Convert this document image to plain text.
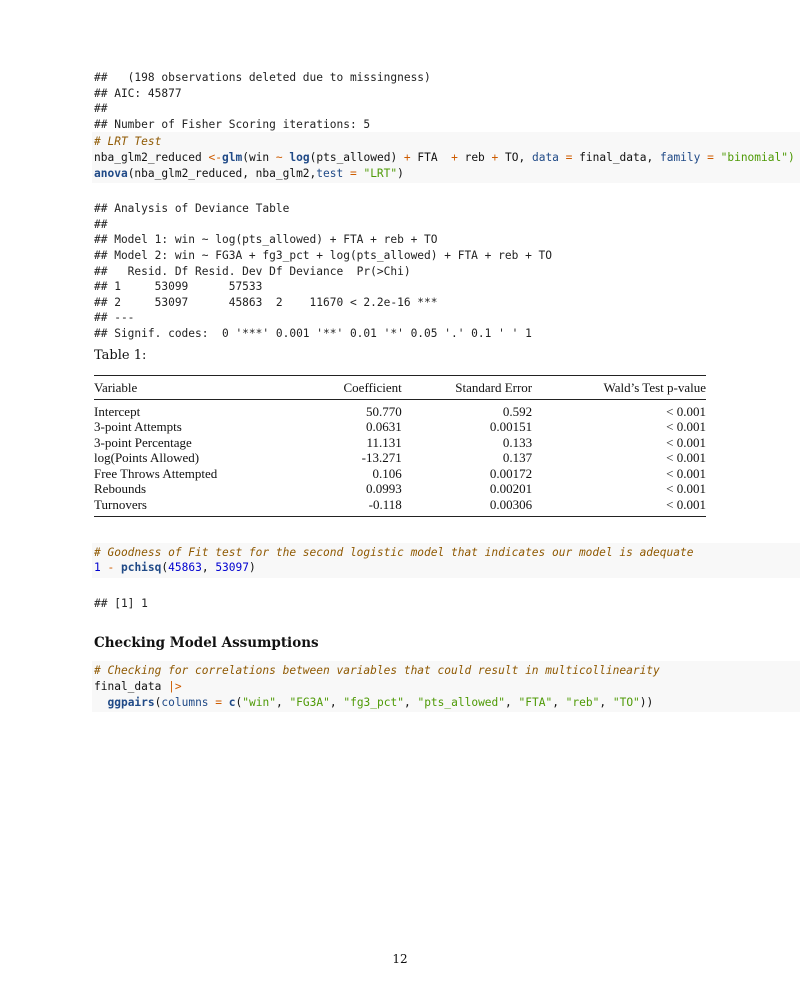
##   (198 observations deleted due to missingness)
## AIC: 45877
##
## Number of Fisher Scoring iterations: 5
# LRT Test
nba_glm2_reduced <-glm(win ~ log(pts_allowed) + FTA  + reb + TO, data = final_data, family = "binomial")
anova(nba_glm2_reduced, nba_glm2,test = "LRT")
## Analysis of Deviance Table
##
## Model 1: win ~ log(pts_allowed) + FTA + reb + TO
## Model 2: win ~ FG3A + fg3_pct + log(pts_allowed) + FTA + reb + TO
##   Resid. Df Resid. Dev Df Deviance  Pr(>Chi)
## 1     53099      57533
## 2     53097      45863  2    11670 < 2.2e-16 ***
## ---
## Signif. codes:  0 '***' 0.001 '**' 0.01 '*' 0.05 '.' 0.1 ' ' 1
Table 1:
Variable	Coefficient	Standard Error	Wald’s Test p-value
Intercept	50.770	0.592	< 0.001
3-point Attempts	0.0631	0.00151	< 0.001
3-point Percentage	11.131	0.133	< 0.001
log(Points Allowed)	-13.271	0.137	< 0.001
Free Throws Attempted	0.106	0.00172	< 0.001
Rebounds	0.0993	0.00201	< 0.001
Turnovers	-0.118	0.00306	< 0.001
# Goodness of Fit test for the second logistic model that indicates our model is adequate
1 - pchisq(45863, 53097)
## [1] 1
Checking Model Assumptions
# Checking for correlations between variables that could result in multicollinearity
final_data |>
ggpairs(columns = c("win", "FG3A", "fg3_pct", "pts_allowed", "FTA", "reb", "TO"))
12
